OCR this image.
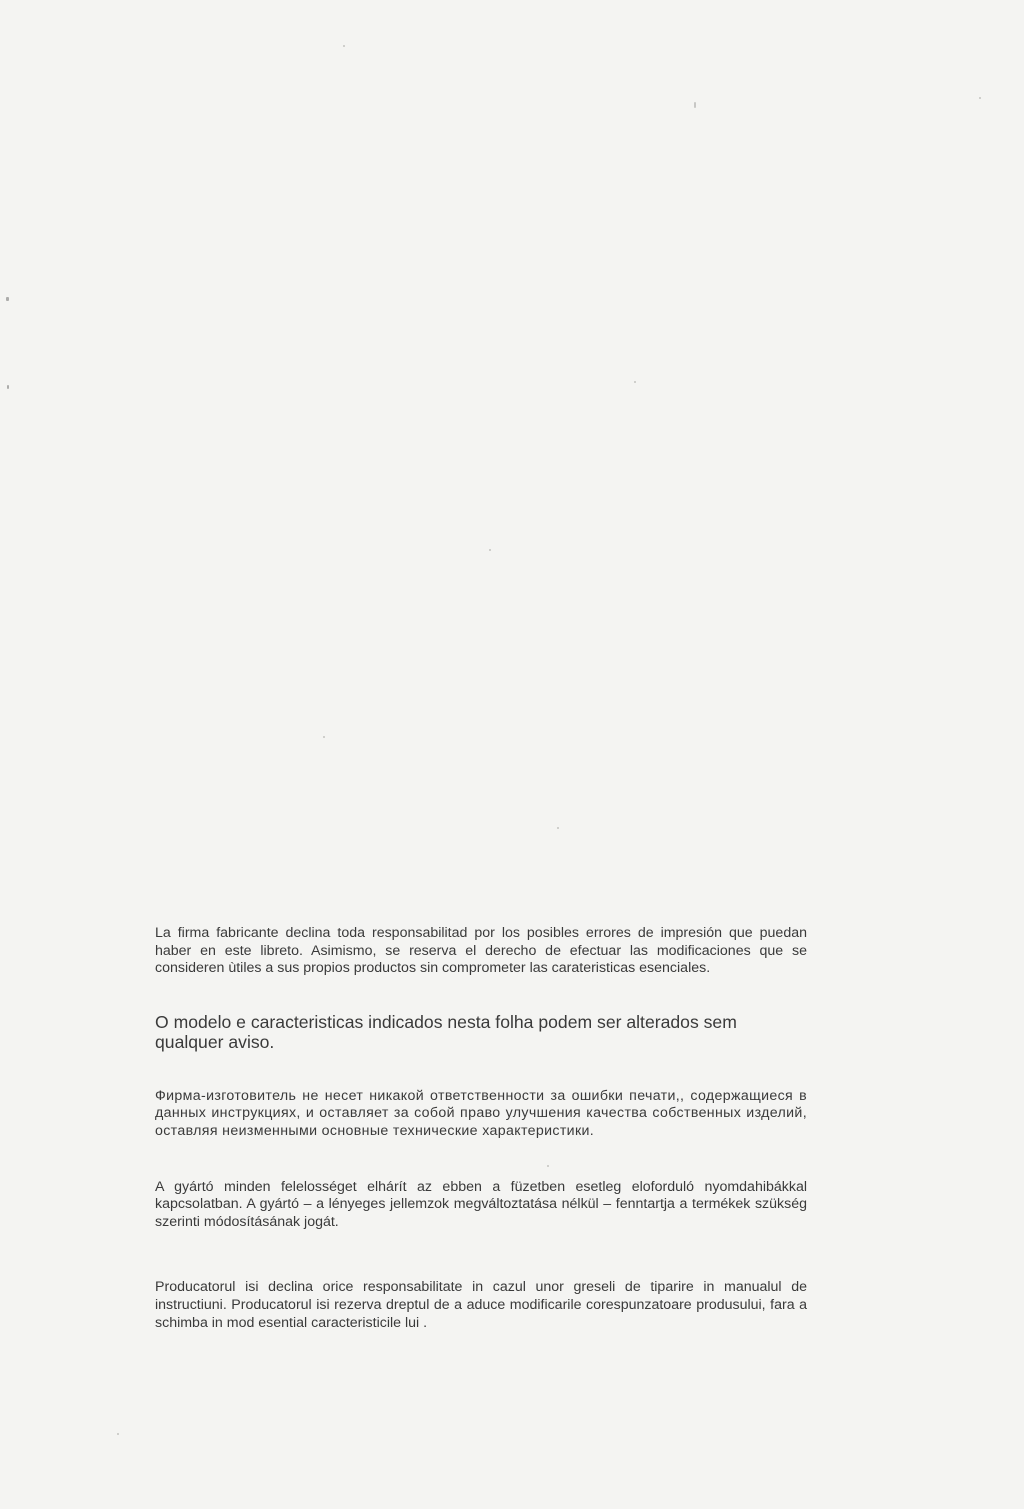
La firma fabricante declina toda responsabilitad por los posibles errores de impresión que puedan haber en este libreto. Asimismo, se reserva el derecho de efectuar las modificaciones que se consideren ùtiles a sus propios productos sin comprometer las carateristicas esenciales.

O modelo e caracteristicas indicados nesta folha podem ser alterados sem qualquer aviso.

Фирма-изготовитель не несет никакой ответственности за ошибки печати,, содержащиеся в данных инструкциях, и оставляет за собой право улучшения качества собственных изделий, оставляя неизменными основные технические характеристики.

A gyártó minden felelosséget elhárít az ebben a füzetben esetleg eloforduló nyomdahibákkal kapcsolatban. A gyártó – a lényeges jellemzok megváltoztatása nélkül – fenntartja a termékek szükség szerinti módosításának jogát.

Producatorul isi declina orice responsabilitate in cazul unor greseli de tiparire in manualul de instructiuni. Producatorul isi rezerva dreptul de a aduce modificarile corespunzatoare produsului, fara a schimba in mod esential caracteristicile lui .
